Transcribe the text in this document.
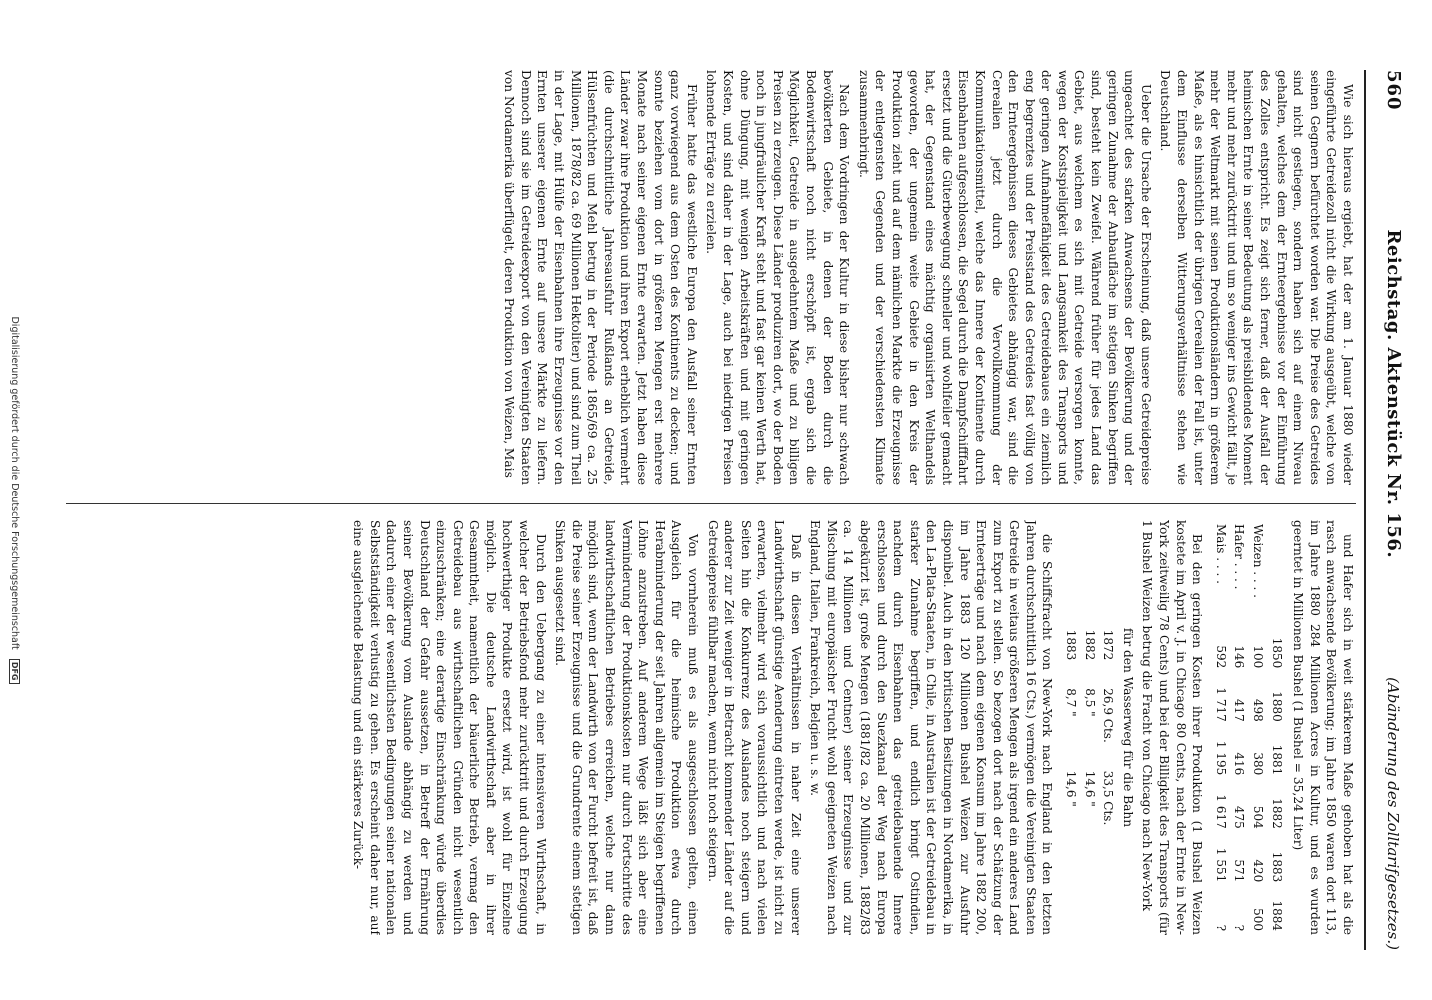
560
Reichstag. Aktenstück Nr. 156.
(Abänderung des Zolltarifgesetzes.)

Wie sich hieraus ergiebt, hat der am 1. Januar 1880 wieder eingeführte Getreidezoll nicht die Wirkung ausgeübt, welche von seinen Gegnern befürchtet worden war. Die Preise des Getreides sind nicht gestiegen, sondern haben sich auf einem Niveau gehalten, welches dem der Ernteergebnisse vor der Einführung des Zolles entspricht. Es zeigt sich ferner, daß der Ausfall der heimischen Ernte in seiner Bedeutung als preisbildendes Moment mehr und mehr zurücktritt und um so weniger ins Gewicht fällt, je mehr der Weltmarkt mit seinen Produktionsländern in größerem Maße, als es hinsichtlich der übrigen Cerealien der Fall ist, unter dem Einflusse derselben Witterungsverhältnisse stehen wie Deutschland.

Ueber die Ursache der Erscheinung, daß unsere Getreidepreise ungeachtet des starken Anwachsens der Bevölkerung und der geringen Zunahme der Anbaufläche im stetigen Sinken begriffen sind, besteht kein Zweifel. Während früher für jedes Land das Gebiet, aus welchem es sich mit Getreide versorgen konnte, wegen der Kostspieligkeit und Langsamkeit des Transports und der geringen Aufnahmefähigkeit des Getreidebaues ein ziemlich eng begrenztes und der Preisstand des Getreides fast völlig von den Ernteergebnissen dieses Gebietes abhängig war, sind die Cerealien jetzt durch die Vervollkommnung der Kommunikationsmittel, welche das Innere der Kontinente durch Eisenbahnen aufgeschlossen, die Segel durch die Dampfschifffahrt ersetzt und die Güterbewegung schneller und wohlfeiler gemacht hat, der Gegenstand eines mächtig organisirten Welthandels geworden, der ungemein weite Gebiete in den Kreis der Produktion zieht und auf dem nämlichen Markte die Erzeugnisse der entlegensten Gegenden und der verschiedensten Klimate zusammenbringt.

Nach dem Vordringen der Kultur in diese bisher nur schwach bevölkerten Gebiete, in denen der Boden durch die Bodenwirtschaft noch nicht erschöpft ist, ergab sich die Möglichkeit, Getreide in ausgedehntem Maße und zu billigen Preisen zu erzeugen. Diese Länder produziren dort, wo der Boden noch in jungfräulicher Kraft steht und fast gar keinen Werth hat, ohne Düngung, mit wenigen Arbeitskräften und mit geringen Kosten, und sind daher in der Lage, auch bei niedrigen Preisen lohnende Erträge zu erzielen.

Früher hatte das westliche Europa den Ausfall seiner Ernten ganz vorwiegend aus dem Osten des Kontinents zu decken; und sonnte beziehen vom dort in größeren Mengen erst mehrere Monate nach seiner eigenen Ernte erwarten. Jetzt haben diese Länder zwar ihre Produktion und ihren Export erheblich vermehrt (die durchschnittliche Jahresausfuhr Rußlands an Getreide, Hülsenfrüchten und Mehl betrug in der Periode 1865/69 ca. 25 Millionen, 1878/82 ca. 69 Millionen Hektoliter) und sind zum Theil in der Lage, mit Hülfe der Eisenbahnen ihre Erzeugnisse vor den Ernten unserer eigenen Ernte auf unsere Märkte zu liefern. Dennoch sind sie im Getreideexport von den Vereinigten Staaten von Nordamerika überflügelt, deren Produktion von Weizen, Mais

und Hafer sich in weit stärkerem Maße gehoben hat als die rasch anwachsende Bevölkerung; im Jahre 1850 waren dort 113, im Jahre 1880 284 Millionen Acres in Kultur, und es wurden geerntet in Millionen Bushel (1 Bushel = 35,24 Liter)

	1850	1880	1881	1882	1883	1884
Weizen . . . .	100	498	380	504	420	500
Hafer . . . .	146	417	416	475	571	?
Mais . . . .	592	1 717	1 195	1 617	1 551	?

Bei den geringen Kosten ihrer Produktion (1 Bushel Weizen kostete im April v. J. in Chicago 80 Cents, nach der Ernte in New-York zeitweilig 78 Cents) und bei der Billigkeit des Transports (für 1 Bushel Weizen betrug die Fracht von Chicago nach New-York

für den Wasserweg für die Bahn
1872	26,9 Cts.	33,5 Cts.
1882	8,5 "	14,6 "
1883	8,7 "	14,6 "

die Schiffsfracht von New-York nach England in den letzten Jahren durchschnittlich 16 Cts.) vermögen die Vereinigten Staaten Getreide in weitaus größeren Mengen als irgend ein anderes Land zum Export zu stellen. So bezogen dort nach der Schätzung der Ernteerträge und nach dem eigenen Konsum im Jahre 1882 200, im Jahre 1883 120 Millionen Bushel Weizen zur Ausfuhr disponibel. Auch in den britischen Besitzungen in Nordamerika, in den La-Plata-Staaten, in Chile, in Australien ist der Getreidebau in starker Zunahme begriffen, und endlich bringt Ostindien, nachdem durch Eisenbahnen das getreidebauende Innere erschlossen und durch den Suezkanal der Weg nach Europa abgekürzt ist, große Mengen (1881/82 ca. 20 Millionen, 1882/83 ca. 14 Millionen und Centner) seiner Erzeugnisse und zur Mischung mit europäischer Frucht wohl geeigneten Weizen nach England, Italien, Frankreich, Belgien u. s. w.

Daß in diesen Verhältnissen in naher Zeit eine unserer Landwirthschaft günstige Aenderung eintreten werde, ist nicht zu erwarten, vielmehr wird sich voraussichtlich und nach vielen Seiten hin die Konkurrenz des Auslandes noch steigern und anderer zur Zeit weniger in Betracht kommender Länder auf die Getreidepreise fühlbar machen, wenn nicht noch steigern.

Von vornherein muß es als ausgeschlossen gelten, einen Ausgleich für die heimische Produktion etwa durch Herabminderung der seit Jahren allgemein im Steigen begriffenen Löhne anzustreben. Auf anderem Wege läßt sich aber eine Verminderung der Produktionskosten nur durch Fortschritte des landwirthschaftlichen Betriebes erreichen, welche nur dann möglich sind, wenn der Landwirth von der Furcht befreit ist, daß die Preise seiner Erzeugnisse und die Grundrente einem stetigen Sinken ausgesetzt sind.

Durch den Uebergang zu einer intensiveren Wirthschaft, in welcher der Betriebsfond mehr zurücktritt und durch Erzeugung hochwerthiger Produkte ersetzt wird, ist wohl für Einzelne möglich. Die deutsche Landwirthschaft aber in ihrer Gesammtheit, namentlich der bäuerliche Betrieb, vermag den Getreidebau aus wirthschaftlichen Gründen nicht wesentlich einzuschränken; eine derartige Einschränkung würde überdies Deutschland der Gefahr aussetzen, in Betreff der Ernährung seiner Bevölkerung vom Auslande abhängig zu werden und dadurch einer der wesentlichsten Bedingungen seiner nationalen Selbstständigkeit verlustig zu gehen. Es erscheint daher nur, auf eine ausgleichende Belastung und ein stärkeres Zurück-

Digitalisierung gefördert durch die Deutsche Forschungsgemeinschaft DFG
